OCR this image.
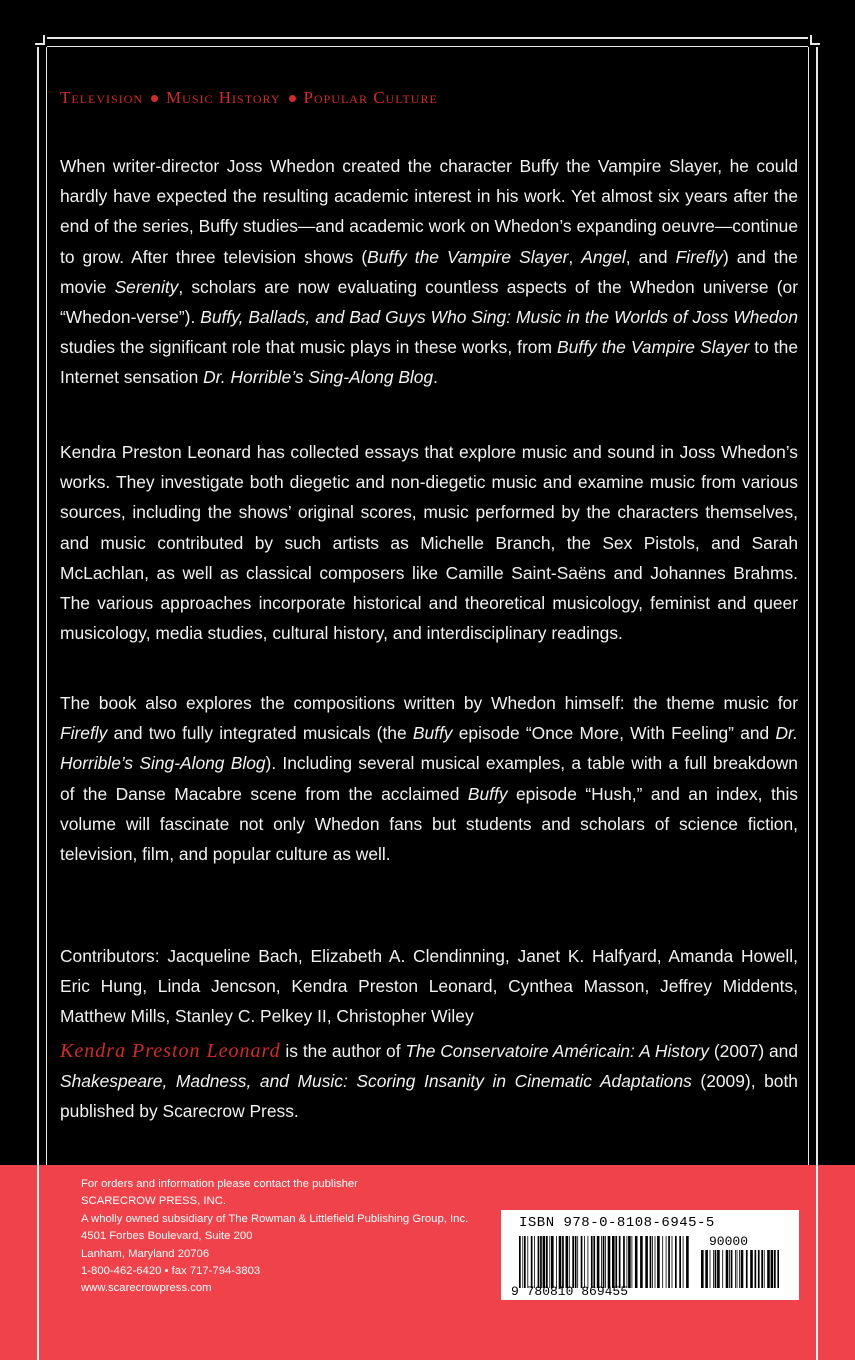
Television Music History Popular Culture

When writer-director Joss Whedon created the character Buffy the Vampire Slayer, he could hardly have expected the resulting academic interest in his work. Yet almost six years after the end of the series, Buffy studies—and academic work on Whedon’s expanding oeuvre—continue to grow. After three television shows (Buffy the Vampire Slayer, Angel, and Firefly) and the movie Serenity, scholars are now evaluating countless aspects of the Whedon universe (or “Whedon-verse”). Buffy, Ballads, and Bad Guys Who Sing: Music in the Worlds of Joss Whedon studies the significant role that music plays in these works, from Buffy the Vampire Slayer to the Internet sensation Dr. Horrible’s Sing-Along Blog.

Kendra Preston Leonard has collected essays that explore music and sound in Joss Whedon’s works. They investigate both diegetic and non-diegetic music and examine music from various sources, including the shows’ original scores, music performed by the characters themselves, and music contributed by such artists as Michelle Branch, the Sex Pistols, and Sarah McLachlan, as well as classical composers like Camille Saint-Saëns and Johannes Brahms. The various approaches incorporate historical and theoretical musicology, feminist and queer musicology, media studies, cultural history, and interdisciplinary readings.

The book also explores the compositions written by Whedon himself: the theme music for Firefly and two fully integrated musicals (the Buffy episode “Once More, With Feeling” and Dr. Horrible’s Sing-Along Blog). Including several musical examples, a table with a full breakdown of the Danse Macabre scene from the acclaimed Buffy episode “Hush,” and an index, this volume will fascinate not only Whedon fans but students and scholars of science fiction, television, film, and popular culture as well.

Contributors: Jacqueline Bach, Elizabeth A. Clendinning, Janet K. Halfyard, Amanda Howell, Eric Hung, Linda Jencson, Kendra Preston Leonard, Cynthea Masson, Jeffrey Middents, Matthew Mills, Stanley C. Pelkey II, Christopher Wiley

Kendra Preston Leonard is the author of The Conservatoire Américain: A History (2007) and Shakespeare, Madness, and Music: Scoring Insanity in Cinematic Adaptations (2009), both published by Scarecrow Press.

For orders and information please contact the publisher
SCARECROW PRESS, INC.
A wholly owned subsidiary of The Rowman & Littlefield Publishing Group, Inc.
4501 Forbes Boulevard, Suite 200
Lanham, Maryland 20706
1-800-462-6420 • fax 717-794-3803
www.scarecrowpress.com
ISBN 978-0-8108-6945-5
9 780810 869455
90000
